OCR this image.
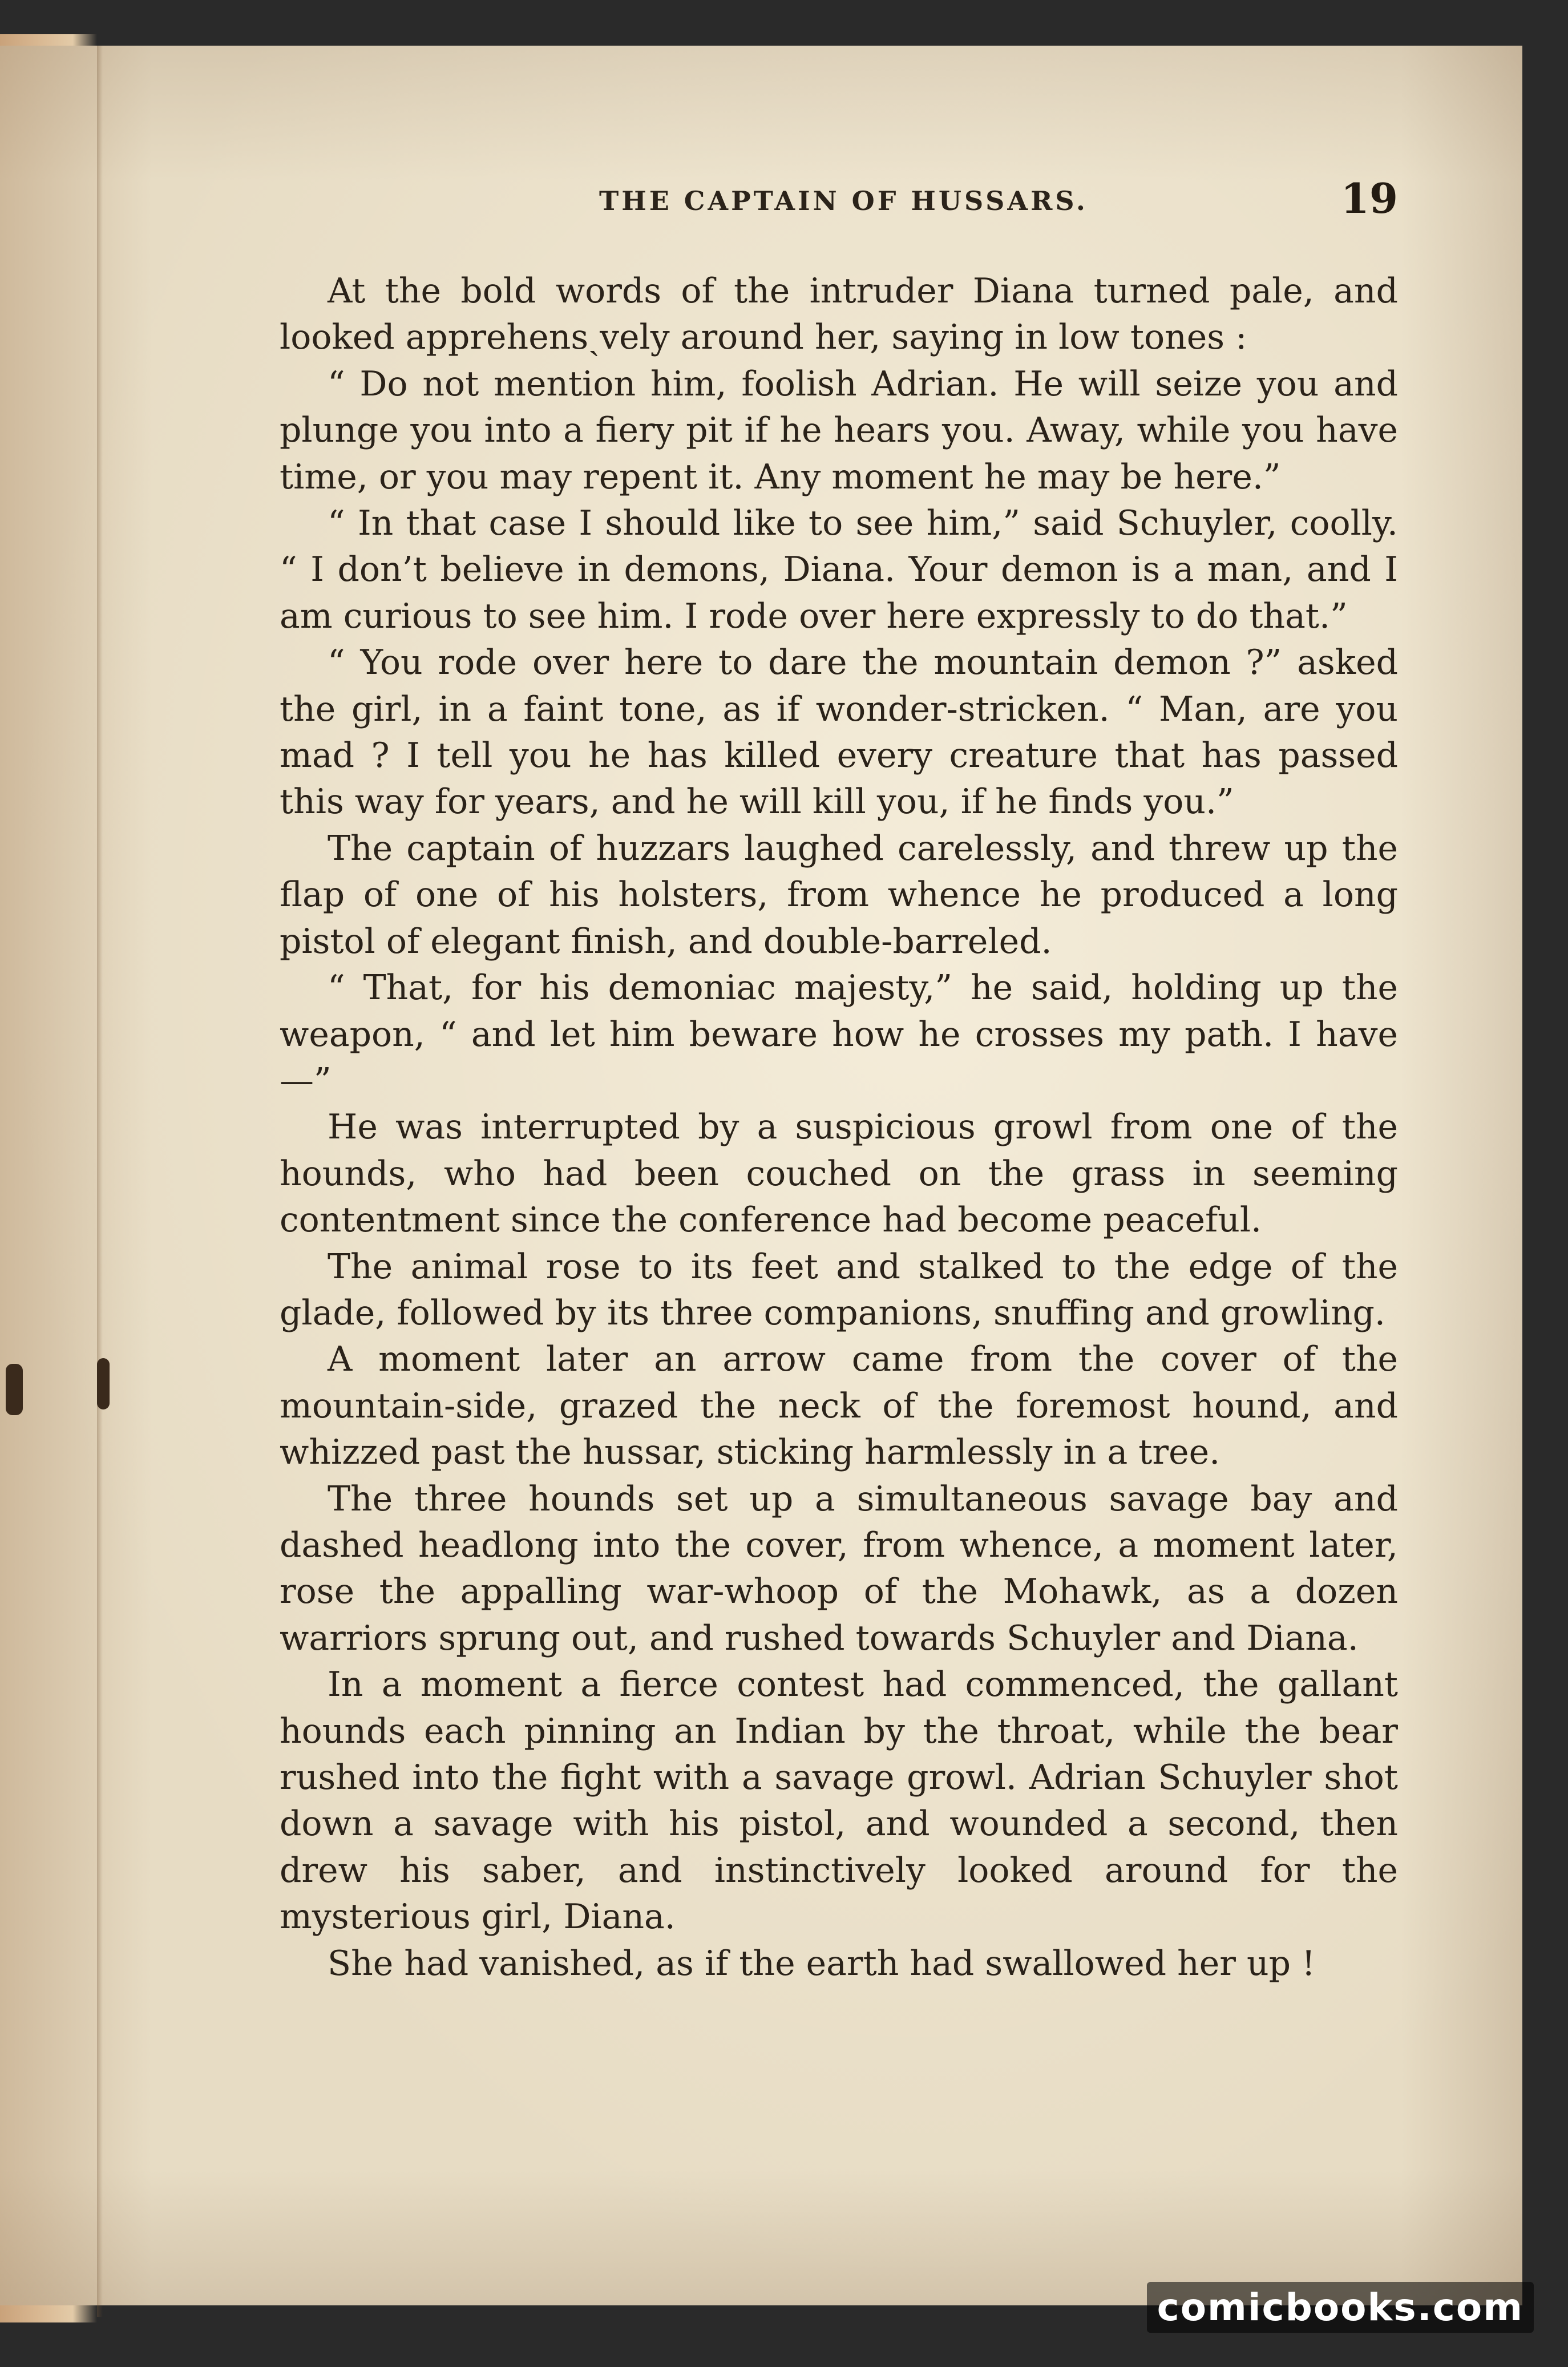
THE CAPTAIN OF HUSSARS.	19

At the bold words of the intruder Diana turned pale, and looked apprehensˏvely around her, saying in low tones :

“ Do not mention him, foolish Adrian. He will seize you and plunge you into a fiery pit if he hears you. Away, while you have time, or you may repent it. Any moment he may be here.”

“ In that case I should like to see him,” said Schuyler, coolly. “ I don’t believe in demons, Diana. Your demon is a man, and I am curious to see him. I rode over here expressly to do that.”

“ You rode over here to dare the mountain demon ?” asked the girl, in a faint tone, as if wonder-stricken. “ Man, are you mad ? I tell you he has killed every creature that has passed this way for years, and he will kill you, if he finds you.”

The captain of huzzars laughed carelessly, and threw up the flap of one of his holsters, from whence he produced a long pistol of elegant finish, and double-barreled.

“ That, for his demoniac majesty,” he said, holding up the weapon, “ and let him beware how he crosses my path. I have—”

He was interrupted by a suspicious growl from one of the hounds, who had been couched on the grass in seeming contentment since the conference had become peaceful.

The animal rose to its feet and stalked to the edge of the glade, followed by its three companions, snuffing and growling.

A moment later an arrow came from the cover of the mountain-side, grazed the neck of the foremost hound, and whizzed past the hussar, sticking harmlessly in a tree.

The three hounds set up a simultaneous savage bay and dashed headlong into the cover, from whence, a moment later, rose the appalling war-whoop of the Mohawk, as a dozen warriors sprung out, and rushed towards Schuyler and Diana.

In a moment a fierce contest had commenced, the gallant hounds each pinning an Indian by the throat, while the bear rushed into the fight with a savage growl. Adrian Schuyler shot down a savage with his pistol, and wounded a second, then drew his saber, and instinctively looked around for the mysterious girl, Diana.

She had vanished, as if the earth had swallowed her up !

comicbooks.com
